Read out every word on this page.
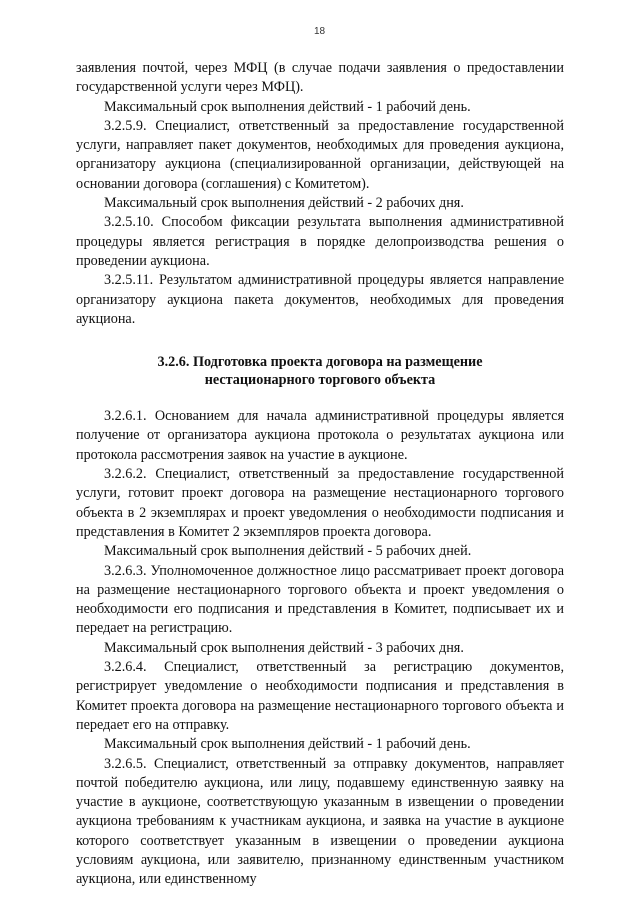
18

заявления почтой, через МФЦ (в случае подачи заявления о предоставлении государственной услуги через МФЦ).

Максимальный срок выполнения действий - 1 рабочий день.

3.2.5.9. Специалист, ответственный за предоставление государственной услуги, направляет пакет документов, необходимых для проведения аукциона, организатору аукциона (специализированной организации, действующей на основании договора (соглашения) с Комитетом).

Максимальный срок выполнения действий - 2 рабочих дня.

3.2.5.10. Способом фиксации результата выполнения административной процедуры является регистрация в порядке делопроизводства решения о проведении аукциона.

3.2.5.11. Результатом административной процедуры является направление организатору аукциона пакета документов, необходимых для проведения аукциона.

3.2.6. Подготовка проекта договора на размещение
нестационарного торгового объекта

3.2.6.1. Основанием для начала административной процедуры является получение от организатора аукциона протокола о результатах аукциона или протокола рассмотрения заявок на участие в аукционе.

3.2.6.2. Специалист, ответственный за предоставление государственной услуги, готовит проект договора на размещение нестационарного торгового объекта в 2 экземплярах и проект уведомления о необходимости подписания и представления в Комитет 2 экземпляров проекта договора.

Максимальный срок выполнения действий - 5 рабочих дней.

3.2.6.3. Уполномоченное должностное лицо рассматривает проект договора на размещение нестационарного торгового объекта и проект уведомления о необходимости его подписания и представления в Комитет, подписывает их и передает на регистрацию.

Максимальный срок выполнения действий - 3 рабочих дня.

3.2.6.4. Специалист, ответственный за регистрацию документов, регистрирует уведомление о необходимости подписания и представления в Комитет проекта договора на размещение нестационарного торгового объекта и передает его на отправку.

Максимальный срок выполнения действий - 1 рабочий день.

3.2.6.5. Специалист, ответственный за отправку документов, направляет почтой победителю аукциона, или лицу, подавшему единственную заявку на участие в аукционе, соответствующую указанным в извещении о проведении аукциона требованиям к участникам аукциона, и заявка на участие в аукционе которого соответствует указанным в извещении о проведении аукциона условиям аукциона, или заявителю, признанному единственным участником аукциона, или единственному
